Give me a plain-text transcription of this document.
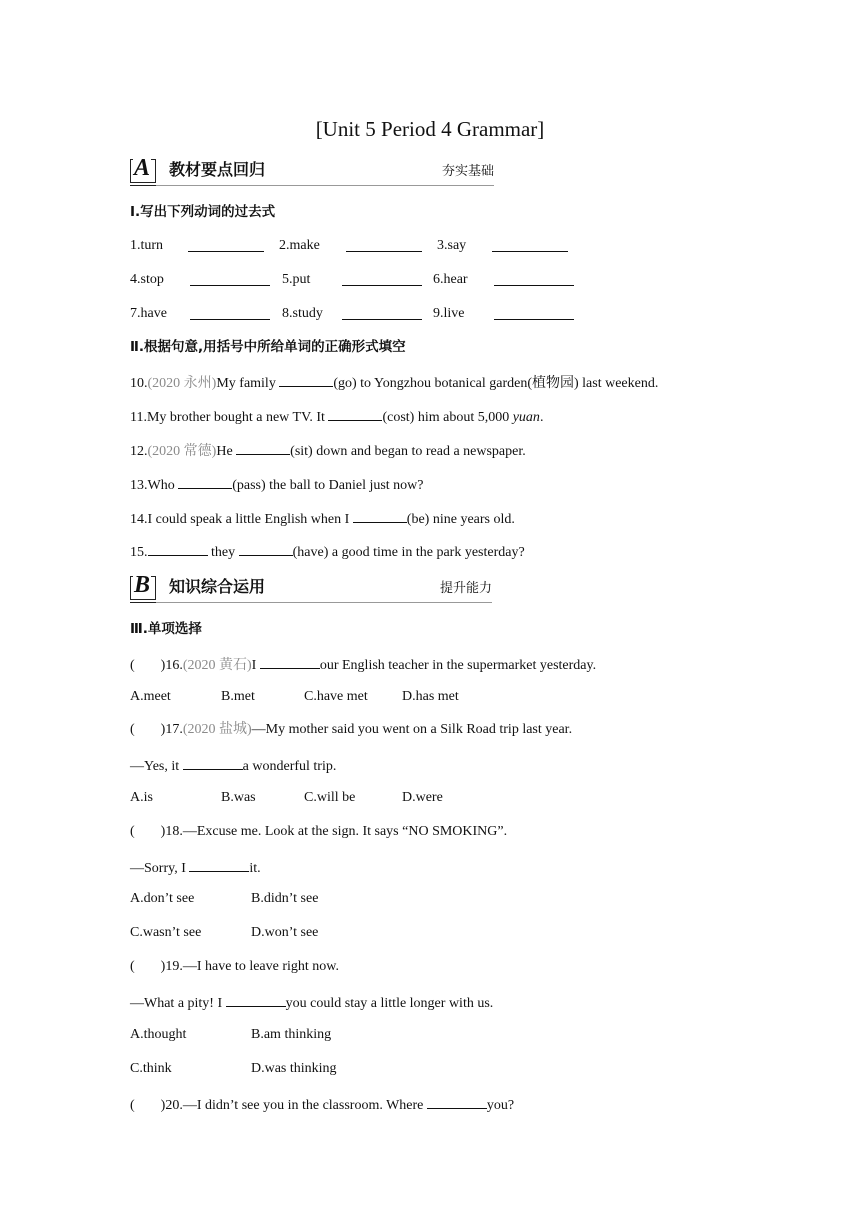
[Unit 5 Period 4 Grammar]
A 教材要点回归	夯实基础
Ⅰ.写出下列动词的过去式
1.turn	2.make	3.say
4.stop	5.put	6.hear
7.have	8.study	9.live
Ⅱ.根据句意,用括号中所给单词的正确形式填空
10.(2020 永州)My family	(go) to Yongzhou botanical garden(植物园) last weekend.
11.My brother bought a new TV. It	(cost) him about 5,000 yuan.
12.(2020 常德)He	(sit) down and began to read a newspaper.
13.Who	(pass) the ball to Daniel just now?
14.I could speak a little English when I	(be) nine years old.
15.	they	(have) a good time in the park yesterday?
B 知识综合运用	提升能力
Ⅲ.单项选择
( )16.(2020 黄石)I	our English teacher in the supermarket yesterday.
A.meet	B.met	C.have met D.has met
( )17.(2020 盐城)—My mother said you went on a Silk Road trip last year.
—Yes, it	a wonderful trip.
A.is	B.was	C.will be	D.were
( )18.—Excuse me. Look at the sign. It says “NO SMOKING”.
—Sorry, I	it.
A.don’t see	B.didn’t see
C.wasn’t see	D.won’t see
( )19.—I have to leave right now.
—What a pity! I	you could stay a little longer with us.
A.thought	B.am thinking
C.think	D.was thinking
( )20.—I didn’t see you in the classroom. Where	you?
